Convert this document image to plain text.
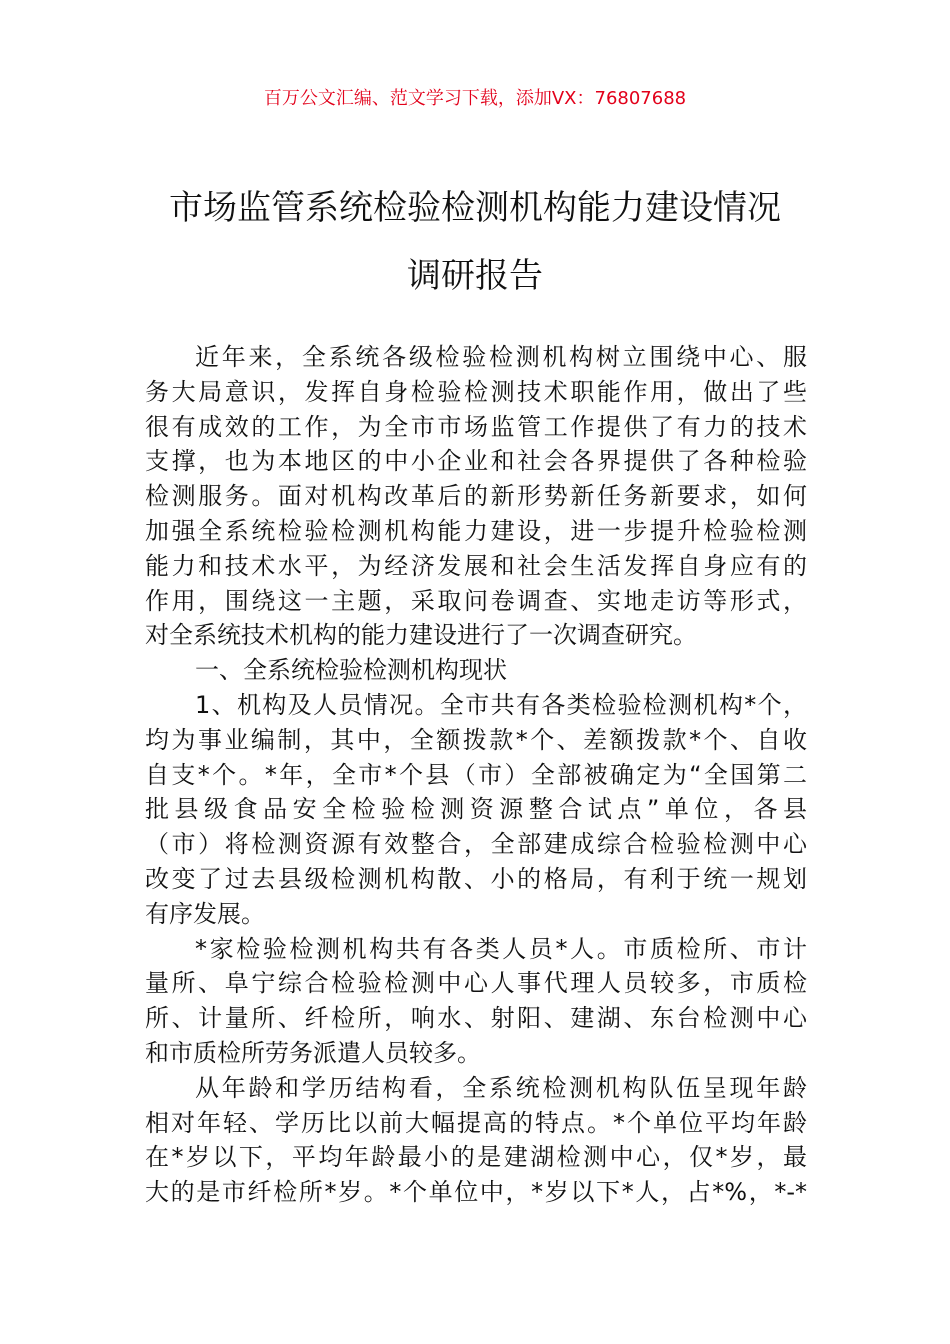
百万公文汇编、范文学习下载，添加VX：76807688
市场监管系统检验检测机构能力建设情况
调研报告
近年来，全系统各级检验检测机构树立围绕中心、服
务大局意识，发挥自身检验检测技术职能作用，做出了些
很有成效的工作，为全市市场监管工作提供了有力的技术
支撑，也为本地区的中小企业和社会各界提供了各种检验
检测服务。面对机构改革后的新形势新任务新要求，如何
加强全系统检验检测机构能力建设，进一步提升检验检测
能力和技术水平，为经济发展和社会生活发挥自身应有的
作用，围绕这一主题，采取问卷调查、实地走访等形式，
对全系统技术机构的能力建设进行了一次调查研究。
一、全系统检验检测机构现状
1、机构及人员情况。全市共有各类检验检测机构*个，
均为事业编制，其中，全额拨款*个、差额拨款*个、自收
自支*个。*年，全市*个县（市）全部被确定为“全国第二
批县级食品安全检验检测资源整合试点”单位，各县
（市）将检测资源有效整合，全部建成综合检验检测中心
改变了过去县级检测机构散、小的格局，有利于统一规划
有序发展。
*家检验检测机构共有各类人员*人。市质检所、市计
量所、阜宁综合检验检测中心人事代理人员较多，市质检
所、计量所、纤检所，响水、射阳、建湖、东台检测中心
和市质检所劳务派遣人员较多。
从年龄和学历结构看，全系统检测机构队伍呈现年龄
相对年轻、学历比以前大幅提高的特点。*个单位平均年龄
在*岁以下，平均年龄最小的是建湖检测中心，仅*岁，最
大的是市纤检所*岁。*个单位中，*岁以下*人，占*%，*-*
